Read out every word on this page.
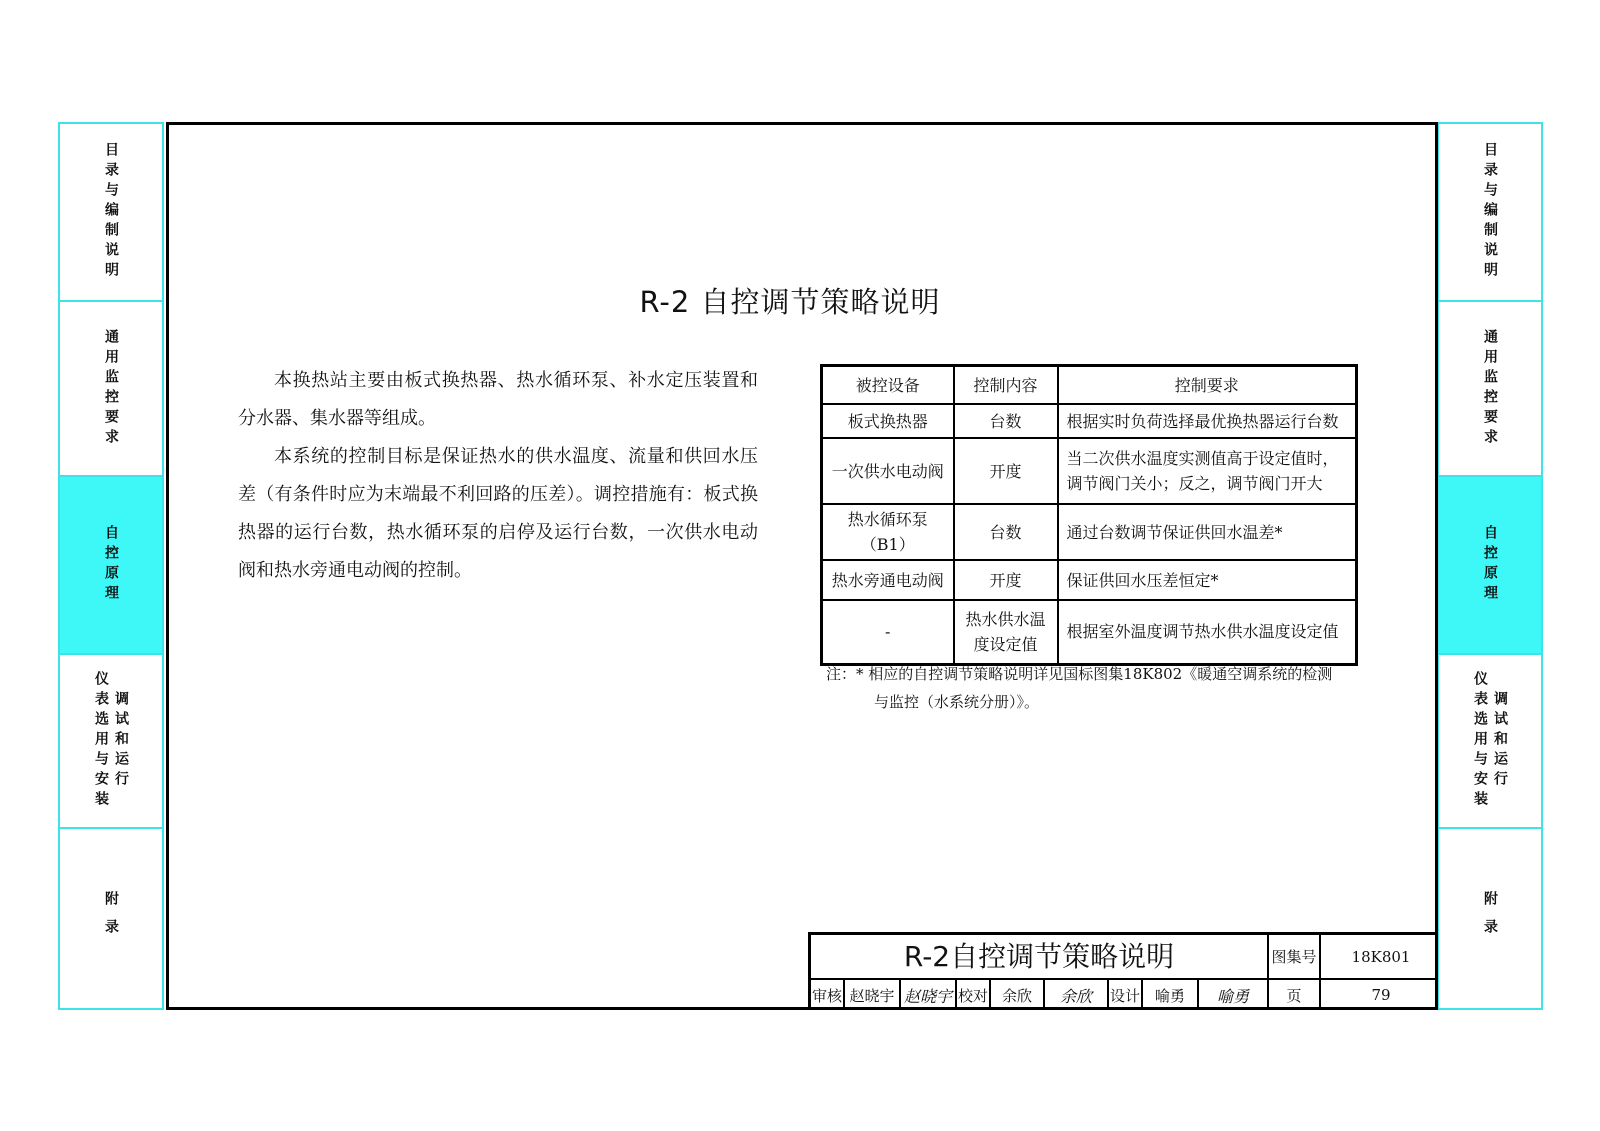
目录与编制说明
通用监控要求
自控原理
仪表选用与安装 调试和运行
附录
目录与编制说明
通用监控要求
自控原理
仪表选用与安装 调试和运行
附录
R-2 自控调节策略说明

本换热站主要由板式换热器、热水循环泵、补水定压装置和分水器、集水器等组成。

本系统的控制目标是保证热水的供水温度、流量和供回水压差（有条件时应为末端最不利回路的压差）。调控措施有：板式换热器的运行台数，热水循环泵的启停及运行台数，一次供水电动阀和热水旁通电动阀的控制。

被控设备	控制内容	控制要求
板式换热器	台数	根据实时负荷选择最优换热器运行台数
一次供水电动阀	开度	当二次供水温度实测值高于设定值时，调节阀门关小；反之，调节阀门开大
热水循环泵（B1）	台数	通过台数调节保证供回水温差*
热水旁通电动阀	开度	保证供回水压差恒定*
-	热水供水温度设定值	根据室外温度调节热水供水温度设定值
注：* 相应的自控调节策略说明详见国标图集18K802《暖通空调系统的检测
与监控（水系统分册）》。
R-2自控调节策略说明	图集号	18K801
审核 赵晓宇 赵晓宇 校对 余欣	余欣	设计 喻勇	喻勇	页	79
